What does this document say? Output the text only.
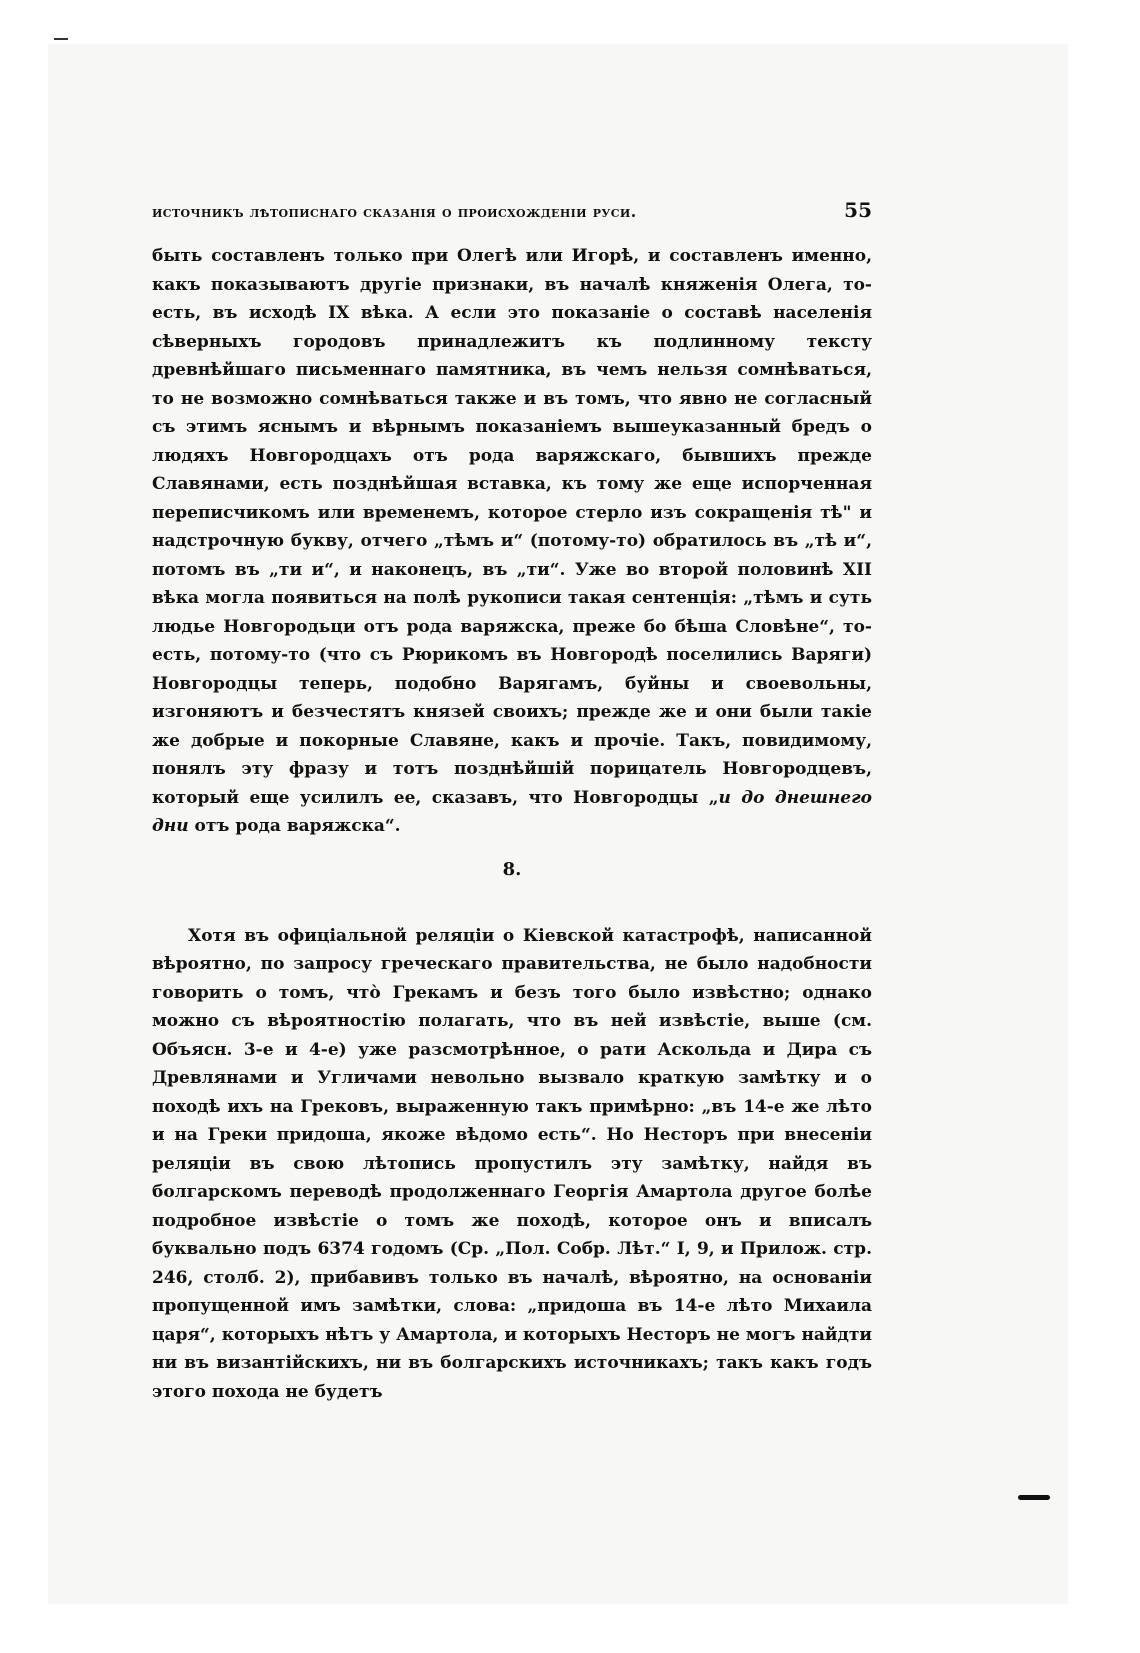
источникъ лѣтописнаго сказанія о происхожденіи руси.	55

быть составленъ только при Олегѣ или Игорѣ, и составленъ именно, какъ показываютъ другіе признаки, въ началѣ княженія Олега, то-есть, въ исходѣ IX вѣка. А если это показаніе о составѣ населенія сѣверныхъ городовъ принадлежитъ къ подлинному тексту древнѣйшаго письменнаго памятника, въ чемъ нельзя сомнѣваться, то не возможно сомнѣваться также и въ томъ, что явно не согласный съ этимъ яснымъ и вѣрнымъ показаніемъ вышеуказанный бредъ о людяхъ Новгородцахъ отъ рода варяжскаго, бывшихъ прежде Славянами, есть позднѣйшая вставка, къ тому же еще испорченная переписчикомъ или временемъ, которое стерло изъ сокращенія тѣ" и надстрочную букву, отчего „тѣмъ и“ (потому-то) обратилось въ „тѣ и“, потомъ въ „ти и“, и наконецъ, въ „ти“. Уже во второй половинѣ XII вѣка могла появиться на полѣ рукописи такая сентенція: „тѣмъ и суть людье Новгородьци отъ рода варяжска, преже бо бѣша Словѣне“, то-есть, потому-то (что съ Рюрикомъ въ Новгородѣ поселились Варяги) Новгородцы теперь, подобно Варягамъ, буйны и своевольны, изгоняютъ и безчестятъ князей своихъ; прежде же и они были такіе же добрые и покорные Славяне, какъ и прочіе. Такъ, повидимому, понялъ эту фразу и тотъ позднѣйшій порицатель Новгородцевъ, который еще усилилъ ее, сказавъ, что Новгородцы „и до днешнего дни отъ рода варяжска“.

8.

Хотя въ офиціальной реляціи о Кіевской катастрофѣ, написанной вѣроятно, по запросу греческаго правительства, не было надобности говорить о томъ, что̀ Грекамъ и безъ того было извѣстно; однако можно съ вѣроятностію полагать, что въ ней извѣстіе, выше (см. Объясн. 3-е и 4-е) уже разсмотрѣнное, о рати Аскольда и Дира съ Древлянами и Угличами невольно вызвало краткую замѣтку и о походѣ ихъ на Грековъ, выраженную такъ примѣрно: „въ 14-е же лѣто и на Греки придоша, якоже вѣдомо есть“. Но Несторъ при внесеніи реляціи въ свою лѣтопись пропустилъ эту замѣтку, найдя въ болгарскомъ переводѣ продолженнаго Георгія Амартола другое болѣе подробное извѣстіе о томъ же походѣ, которое онъ и вписалъ буквально подъ 6374 годомъ (Ср. „Пол. Собр. Лѣт.“ I, 9, и Прилож. стр. 246, столб. 2), прибавивъ только въ началѣ, вѣроятно, на основаніи пропущенной имъ замѣтки, слова: „придоша въ 14-е лѣто Михаила царя“, которыхъ нѣтъ у Амартола, и которыхъ Несторъ не могъ найдти ни въ византійскихъ, ни въ болгарскихъ источникахъ; такъ какъ годъ этого похода не будетъ
